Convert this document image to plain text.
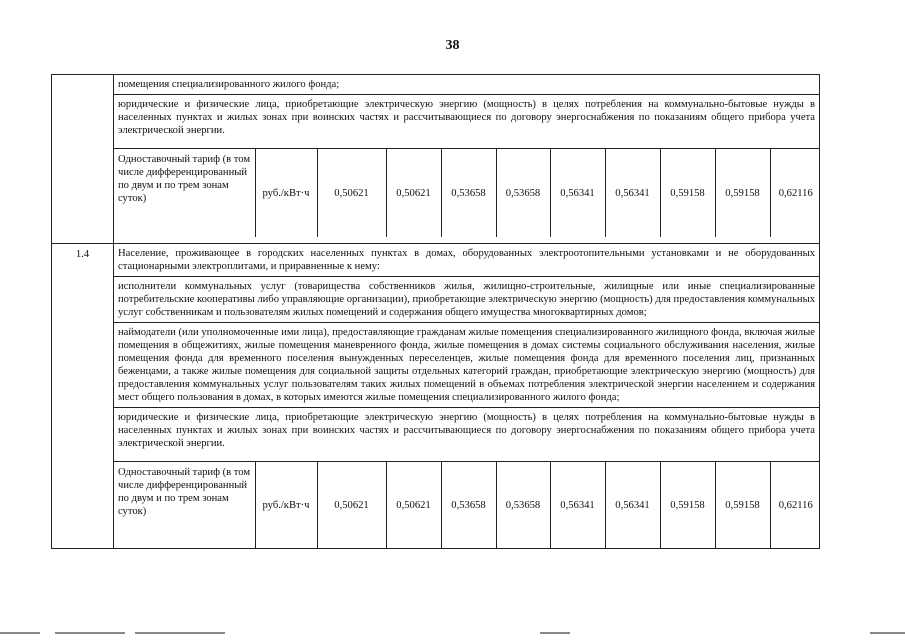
38

помещения специализированного жилого фонда;
юридические и физические лица, приобретающие электрическую энергию (мощность) в целях потребления на коммунально-бытовые нужды в населенных пунктах и жилых зонах при воинских частях и рассчитывающиеся по договору энергоснабжения по показаниям общего прибора учета электрической энергии.
Одноставочный тариф (в том числе дифференцированный по двум и по трем зонам суток)	руб./кВт·ч	0,50621	0,50621	0,53658	0,53658	0,56341	0,56341	0,59158	0,59158	0,62116

1.4	Население, проживающее в городских населенных пунктах в домах, оборудованных электроотопительными установками и не оборудованных стационарными электроплитами, и приравненные к нему:
исполнители коммунальных услуг (товарищества собственников жилья, жилищно-строительные, жилищные или иные специализированные потребительские кооперативы либо управляющие организации), приобретающие электрическую энергию (мощность) для предоставления коммунальных услуг собственникам и пользователям жилых помещений и содержания общего имущества многоквартирных домов;
наймодатели (или уполномоченные ими лица), предоставляющие гражданам жилые помещения специализированного жилищного фонда, включая жилые помещения в общежитиях, жилые помещения маневренного фонда, жилые помещения в домах системы социального обслуживания населения, жилые помещения фонда для временного поселения вынужденных переселенцев, жилые помещения фонда для временного поселения лиц, признанных беженцами, а также жилые помещения для социальной защиты отдельных категорий граждан, приобретающие электрическую энергию (мощность) для предоставления коммунальных услуг пользователям таких жилых помещений в объемах потребления электрической энергии населением и содержания мест общего пользования в домах, в которых имеются жилые помещения специализированного жилого фонда;
юридические и физические лица, приобретающие электрическую энергию (мощность) в целях потребления на коммунально-бытовые нужды в населенных пунктах и жилых зонах при воинских частях и рассчитывающиеся по договору энергоснабжения по показаниям общего прибора учета электрической энергии.
Одноставочный тариф (в том числе дифференцированный по двум и по трем зонам суток)	руб./кВт·ч	0,50621	0,50621	0,53658	0,53658	0,56341	0,56341	0,59158	0,59158	0,62116
